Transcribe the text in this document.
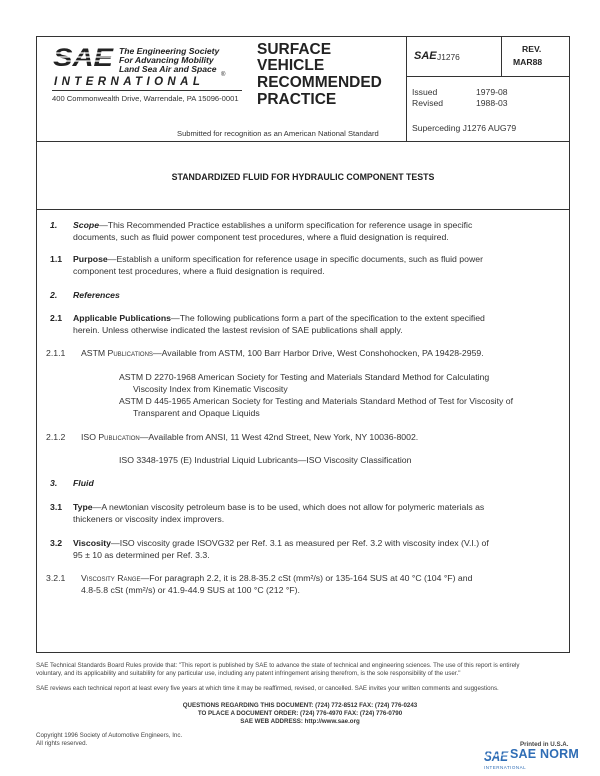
SAE The Engineering Society
For Advancing Mobility
Land Sea Air and Space
®
INTERNATIONAL
400 Commonwealth Drive, Warrendale, PA 15096-0001
SURFACE
VEHICLE
RECOMMENDED
PRACTICE
SAE J1276
REV.
MAR88
Issued	1979-08
Revised	1988-03
Superceding J1276 AUG79
Submitted for recognition as an American National Standard
STANDARDIZED FLUID FOR HYDRAULIC COMPONENT TESTS
1. Scope—This Recommended Practice establishes a uniform specification for reference usage in specific
documents, such as fluid power component test procedures, where a fluid designation is required.
1.1 Purpose—Establish a uniform specification for reference usage in specific documents, such as fluid power
component test procedures, where a fluid designation is required.
2. References
2.1 Applicable Publications—The following publications form a part of the specification to the extent specified
herein. Unless otherwise indicated the lastest revision of SAE publications shall apply.
2.1.1 ASTM Publications—Available from ASTM, 100 Barr Harbor Drive, West Conshohocken, PA 19428-2959.
ASTM D 2270-1968 American Society for Testing and Materials Standard Method for Calculating
Viscosity Index from Kinematic Viscosity
ASTM D 445-1965 American Society for Testing and Materials Standard Method of Test for Viscosity of
Transparent and Opaque Liquids
2.1.2 ISO Publication—Available from ANSI, 11 West 42nd Street, New York, NY 10036-8002.
ISO 3348-1975 (E) Industrial Liquid Lubricants—ISO Viscosity Classification
3. Fluid
3.1 Type—A newtonian viscosity petroleum base is to be used, which does not allow for polymeric materials as
thickeners or viscosity index improvers.
3.2 Viscosity—ISO viscosity grade ISOVG32 per Ref. 3.1 as measured per Ref. 3.2 with viscosity index (V.I.) of
95 ± 10 as determined per Ref. 3.3.
3.2.1 Viscosity Range—For paragraph 2.2, it is 28.8-35.2 cSt (mm²/s) or 135-164 SUS at 40 °C (104 °F) and
4.8-5.8 cSt (mm²/s) or 41.9-44.9 SUS at 100 °C (212 °F).
SAE Technical Standards Board Rules provide that: "This report is published by SAE to advance the state of technical and engineering sciences. The use of this report is entirely
voluntary, and its applicability and suitability for any particular use, including any patent infringement arising therefrom, is the sole responsibility of the user."
SAE reviews each technical report at least every five years at which time it may be reaffirmed, revised, or cancelled. SAE invites your written comments and suggestions.
QUESTIONS REGARDING THIS DOCUMENT: (724) 772-8512 FAX: (724) 776-0243
TO PLACE A DOCUMENT ORDER: (724) 776-4970 FAX: (724) 776-0790
SAE WEB ADDRESS: http://www.sae.org
Copyright 1996 Society of Automotive Engineers, Inc.
All rights reserved.	Printed in U.S.A.
SAE SAE NORM
INTERNATIONAL
